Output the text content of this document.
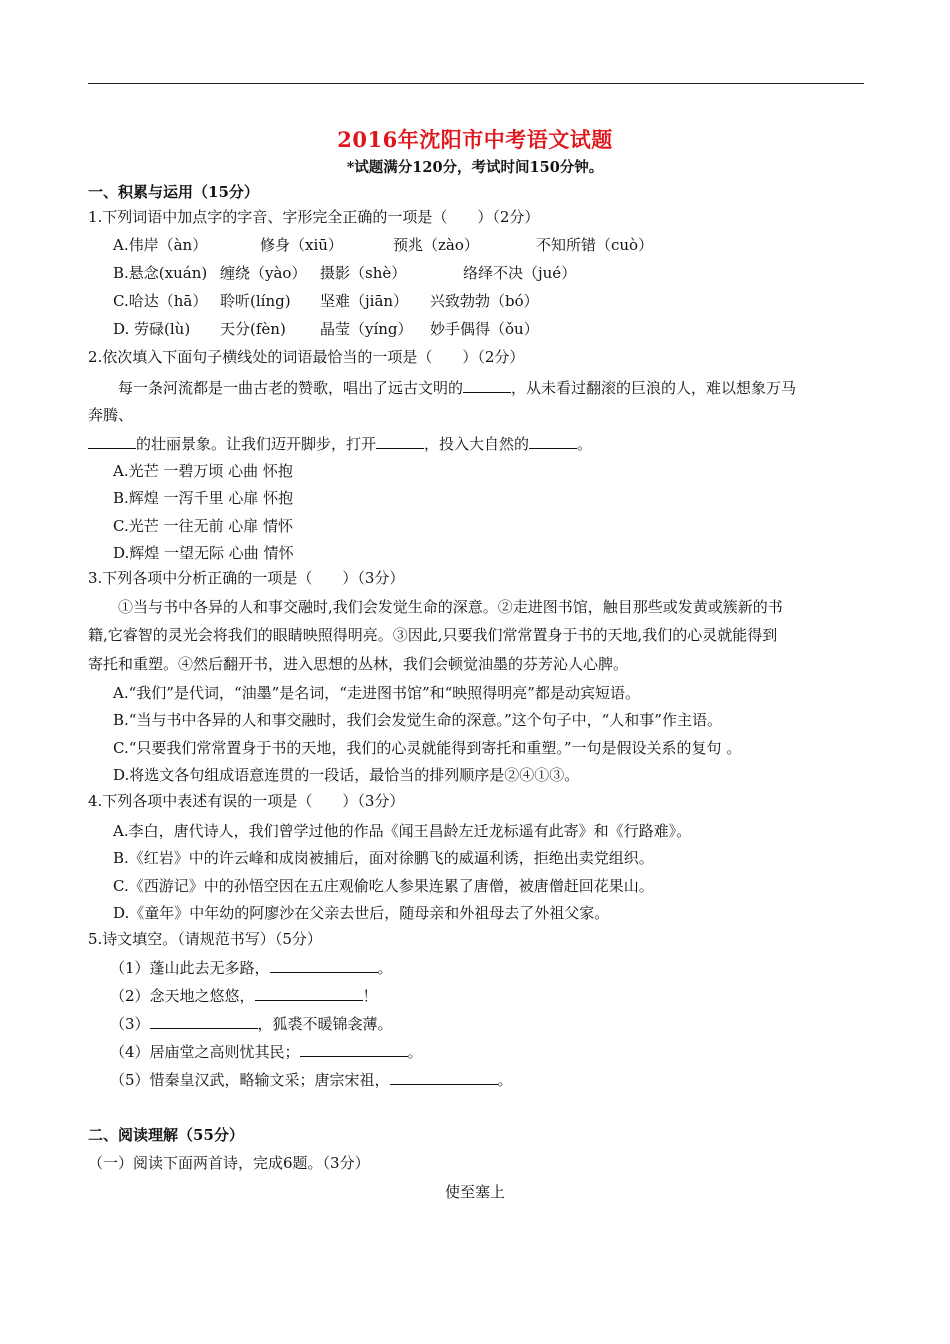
2016年沈阳市中考语文试题
*试题满分120分，考试时间150分钟。
一、积累与运用（15分）
1.下列词语中加点字的字音、字形完全正确的一项是（　　）（2分）
A.伟岸（àn）	修身（xiū）	预兆（zào）	不知所错（cuò）
B.悬念(xuán) 缠绕（yào） 摄影（shè）	络绎不决（jué）
C.哈达（hā） 聆听(líng) 坚难（jiān） 兴致勃勃（bó）
D. 劳碌(lù) 天分(fèn) 晶莹（yíng） 妙手偶得（ǒu）
2.依次填入下面句子横线处的词语最恰当的一项是（　　）（2分）
每一条河流都是一曲古老的赞歌，唱出了远古文明的	，从未看过翻滚的巨浪的人，难以想象万马
奔腾、
的壮丽景象。让我们迈开脚步，打开	，投入大自然的	。
A.光芒 一碧万顷 心曲 怀抱
B.辉煌 一泻千里 心扉 怀抱
C.光芒 一往无前 心扉 情怀
D.辉煌 一望无际 心曲 情怀
3.下列各项中分析正确的一项是（　　）（3分）
①当与书中各异的人和事交融时,我们会发觉生命的深意。②走进图书馆，触目那些或发黄或簇新的书
籍,它睿智的灵光会将我们的眼睛映照得明亮。③因此,只要我们常常置身于书的天地,我们的心灵就能得到
寄托和重塑。④然后翻开书，进入思想的丛林，我们会顿觉油墨的芬芳沁人心脾。
A.“我们”是代词，“油墨”是名词，“走进图书馆”和“映照得明亮”都是动宾短语。
B.“当与书中各异的人和事交融时，我们会发觉生命的深意。”这个句子中，“人和事”作主语。
C.“只要我们常常置身于书的天地，我们的心灵就能得到寄托和重塑。”一句是假设关系的复句 。
D.将选文各句组成语意连贯的一段话，最恰当的排列顺序是②④①③。
4.下列各项中表述有误的一项是（　　）（3分）
A.李白，唐代诗人，我们曾学过他的作品《闻王昌龄左迁龙标遥有此寄》和《行路难》。
B.《红岩》中的许云峰和成岗被捕后，面对徐鹏飞的威逼利诱，拒绝出卖党组织。
C.《西游记》中的孙悟空因在五庄观偷吃人参果连累了唐僧，被唐僧赶回花果山。
D.《童年》中年幼的阿廖沙在父亲去世后，随母亲和外祖母去了外祖父家。
5.诗文填空。（请规范书写）（5分）
（1）蓬山此去无多路，	。
（2）念天地之悠悠，	！
（3）	，狐裘不暖锦衾薄。
（4）居庙堂之高则忧其民；	。
（5）惜秦皇汉武，略输文采；唐宗宋祖，	。
二、阅读理解（55分）
（一）阅读下面两首诗，完成6题。（3分）
使至塞上
